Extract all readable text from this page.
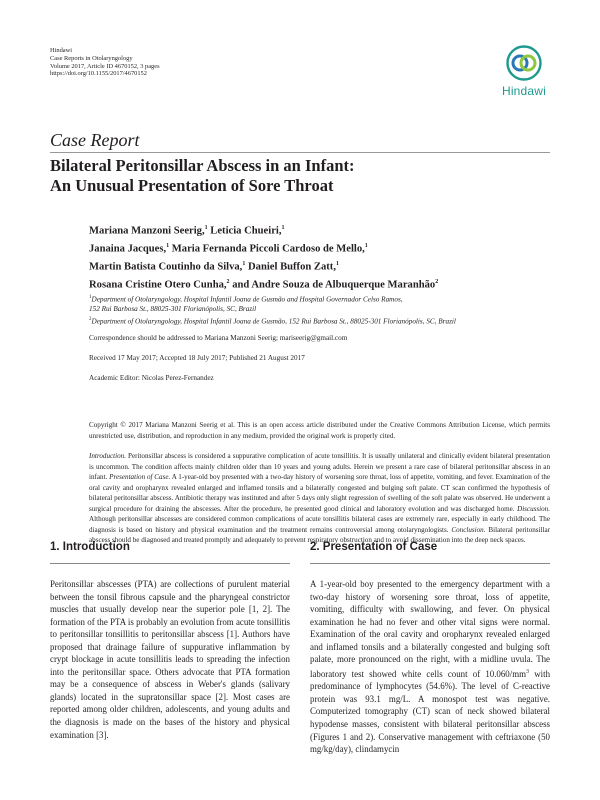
Hindawi
Case Reports in Otolaryngology
Volume 2017, Article ID 4670152, 3 pages
https://doi.org/10.1155/2017/4670152
Hindawi
Case Report
Bilateral Peritonsillar Abscess in an Infant:
An Unusual Presentation of Sore Throat
Mariana Manzoni Seerig,$^1$ Leticia Chueiri,$^1$
Janaina Jacques,$^1$ Maria Fernanda Piccoli Cardoso de Mello,$^1$
Martin Batista Coutinho da Silva,$^1$ Daniel Buffon Zatt,$^1$
Rosana Cristine Otero Cunha,$^2$ and Andre Souza de Albuquerque Maranhão$^2$
$^1$Department of Otolaryngology, Hospital Infantil Joana de Gusmão and Hospital Governador Celso Ramos,
152 Rui Barbosa St., 88025-301 Florianópolis, SC, Brazil
$^2$Department of Otolaryngology, Hospital Infantil Joana de Gusmão, 152 Rui Barbosa St., 88025-301 Florianópolis, SC, Brazil
Correspondence should be addressed to Mariana Manzoni Seerig; mariseerig@gmail.com
Received 17 May 2017; Accepted 18 July 2017; Published 21 August 2017
Academic Editor: Nicolas Perez-Fernandez
Copyright © 2017 Mariana Manzoni Seerig et al. This is an open access article distributed under the Creative Commons Attribution License, which permits unrestricted use, distribution, and reproduction in any medium, provided the original work is properly cited.
Introduction. Peritonsillar abscess is considered a suppurative complication of acute tonsillitis. It is usually unilateral and clinically evident bilateral presentation is uncommon. The condition affects mainly children older than 10 years and young adults. Herein we present a rare case of bilateral peritonsillar abscess in an infant. Presentation of Case. A 1-year-old boy presented with a two-day history of worsening sore throat, loss of appetite, vomiting, and fever. Examination of the oral cavity and oropharynx revealed enlarged and inflamed tonsils and a bilaterally congested and bulging soft palate. CT scan confirmed the hypothesis of bilateral peritonsillar abscess. Antibiotic therapy was instituted and after 5 days only slight regression of swelling of the soft palate was observed. He underwent a surgical procedure for draining the abscesses. After the procedure, he presented good clinical and laboratory evolution and was discharged home. Discussion. Although peritonsillar abscesses are considered common complications of acute tonsillitis bilateral cases are extremely rare, especially in early childhood. The diagnosis is based on history and physical examination and the treatment remains controversial among otolaryngologists. Conclusion. Bilateral peritonsillar abscess should be diagnosed and treated promptly and adequately to prevent respiratory obstruction and to avoid dissemination into the deep neck spaces.
1. Introduction
Peritonsillar abscesses (PTA) are collections of purulent material between the tonsil fibrous capsule and the pharyngeal constrictor muscles that usually develop near the superior pole [1, 2]. The formation of the PTA is probably an evolution from acute tonsillitis to peritonsillar tonsillitis to peritonsillar abscess [1]. Authors have proposed that drainage failure of suppurative inflammation by crypt blockage in acute tonsillitis leads to spreading the infection into the peritonsillar space. Others advocate that PTA formation may be a consequence of abscess in Weber's glands (salivary glands) located in the supratonsillar space [2]. Most cases are reported among older children, adolescents, and young adults and the diagnosis is made on the bases of the history and physical examination [3].
2. Presentation of Case
A 1-year-old boy presented to the emergency department with a two-day history of worsening sore throat, loss of appetite, vomiting, difficulty with swallowing, and fever. On physical examination he had no fever and other vital signs were normal. Examination of the oral cavity and oropharynx revealed enlarged and inflamed tonsils and a bilaterally congested and bulging soft palate, more pronounced on the right, with a midline uvula. The laboratory test showed white cells count of $10.060/mm^3$ with predominance of lymphocytes (54.6%). The level of C-reactive protein was 93.1 mg/L. A monospot test was negative. Computerized tomography (CT) scan of neck showed bilateral hypodense masses, consistent with bilateral peritonsillar abscess (Figures 1 and 2). Conservative management with ceftriaxone (50 mg/kg/day), clindamycin
